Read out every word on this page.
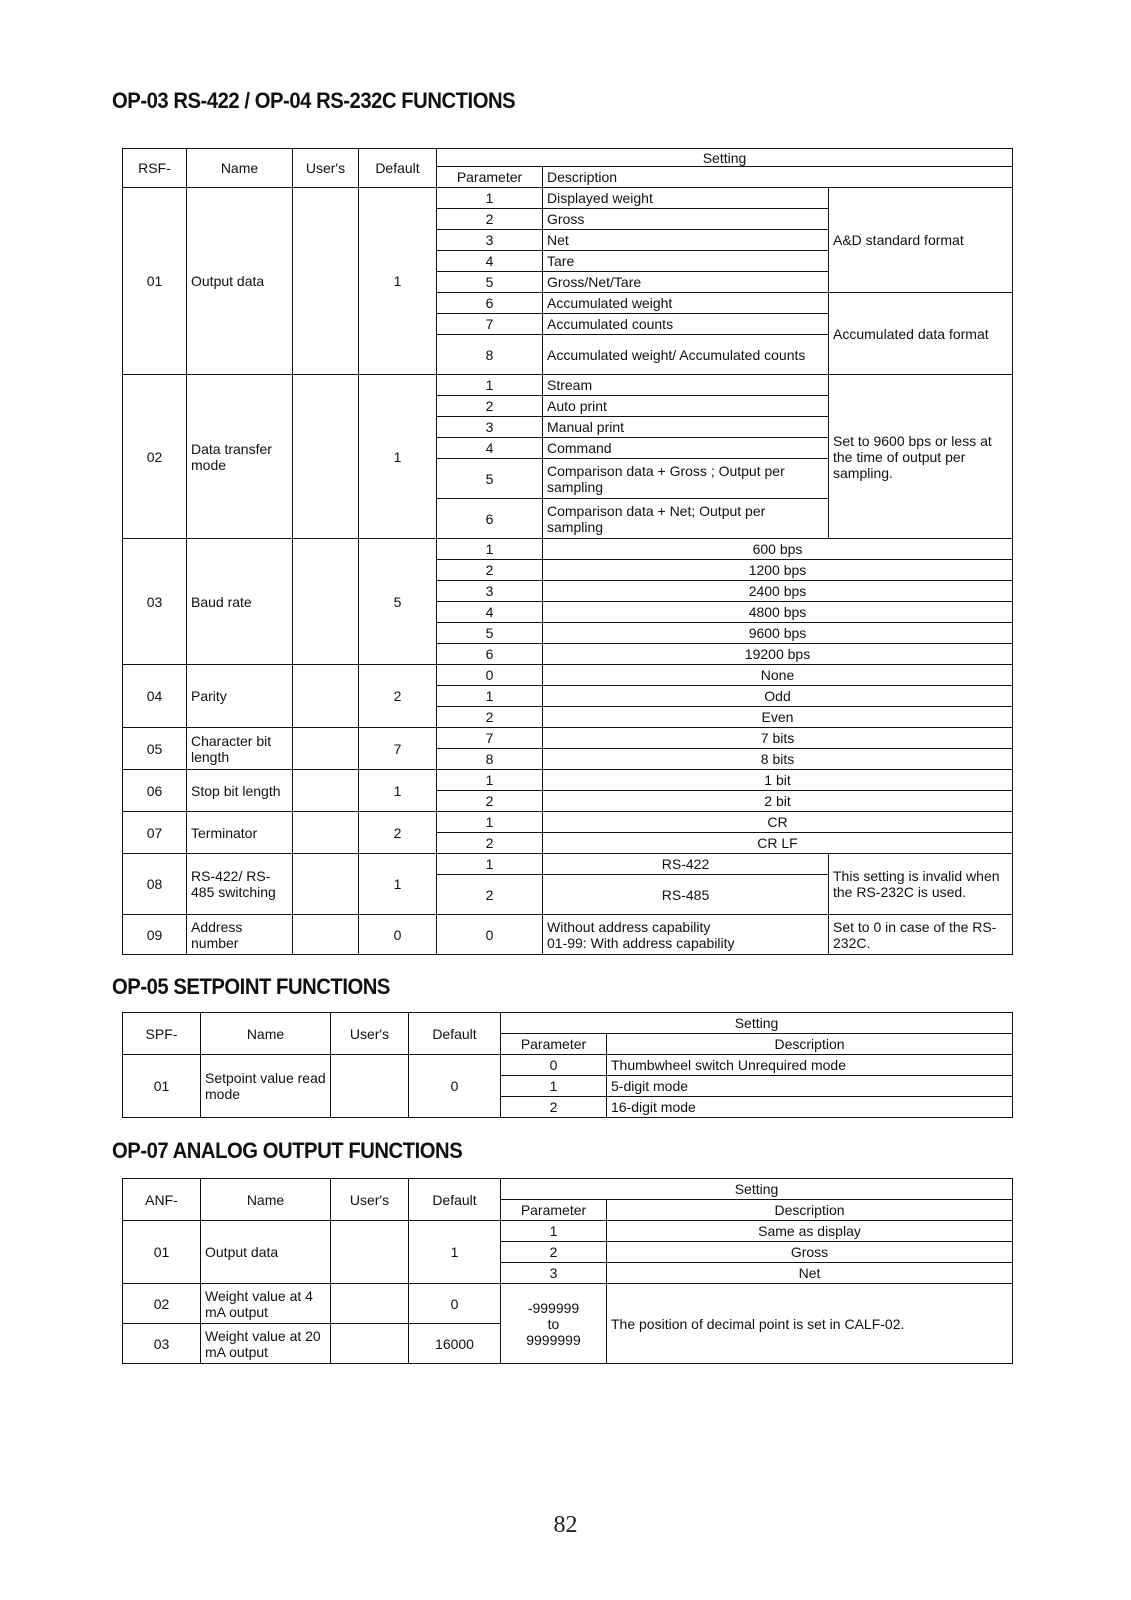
OP-03 RS-422 / OP-04 RS-232C FUNCTIONS
RSF-	Name	User's	Default	Setting		
				Parameter	Description	
01	Output data		1	1	Displayed weight	A&D standard format
				2	Gross	
				3	Net	
				4	Tare	
				5	Gross/Net/Tare	
				6	Accumulated weight	Accumulated data format
				7	Accumulated counts	
				8	Accumulated weight/ Accumulated counts	
02	Data transfer mode		1	1	Stream	Set to 9600 bps or less at the time of output per sampling.
				2	Auto print	
				3	Manual print	
				4	Command	
				5	Comparison data + Gross ; Output per sampling	
				6	Comparison data + Net; Output per sampling	
03	Baud rate		5	1	600 bps	
				2	1200 bps	
				3	2400 bps	
				4	4800 bps	
				5	9600 bps	
				6	19200 bps	
04	Parity		2	0	None	
				1	Odd	
				2	Even	
05	Character bit length		7	7	7 bits	
				8	8 bits	
06	Stop bit length		1	1	1 bit	
				2	2 bit	
07	Terminator		2	1	CR	
				2	CR LF	
08	RS-422/ RS-485 switching		1	1	RS-422	This setting is invalid when the RS-232C is used.
				2	RS-485	
09	Address number		0	0	Without address capability
01-99: With address capability	Set to 0 in case of the RS-232C.
OP-05 SETPOINT FUNCTIONS
SPF-	Name	User's	Default	Setting	
				Parameter	Description
01	Setpoint value read mode		0	0	Thumbwheel switch Unrequired mode
				1	5-digit mode
				2	16-digit mode
OP-07 ANALOG OUTPUT FUNCTIONS
ANF-	Name	User's	Default	Setting	
				Parameter	Description
01	Output data		1	1	Same as display
				2	Gross
				3	Net
02	Weight value at 4 mA output		0	-999999
to
9999999	The position of decimal point is set in CALF-02.
03	Weight value at 20 mA output		16000		
82
